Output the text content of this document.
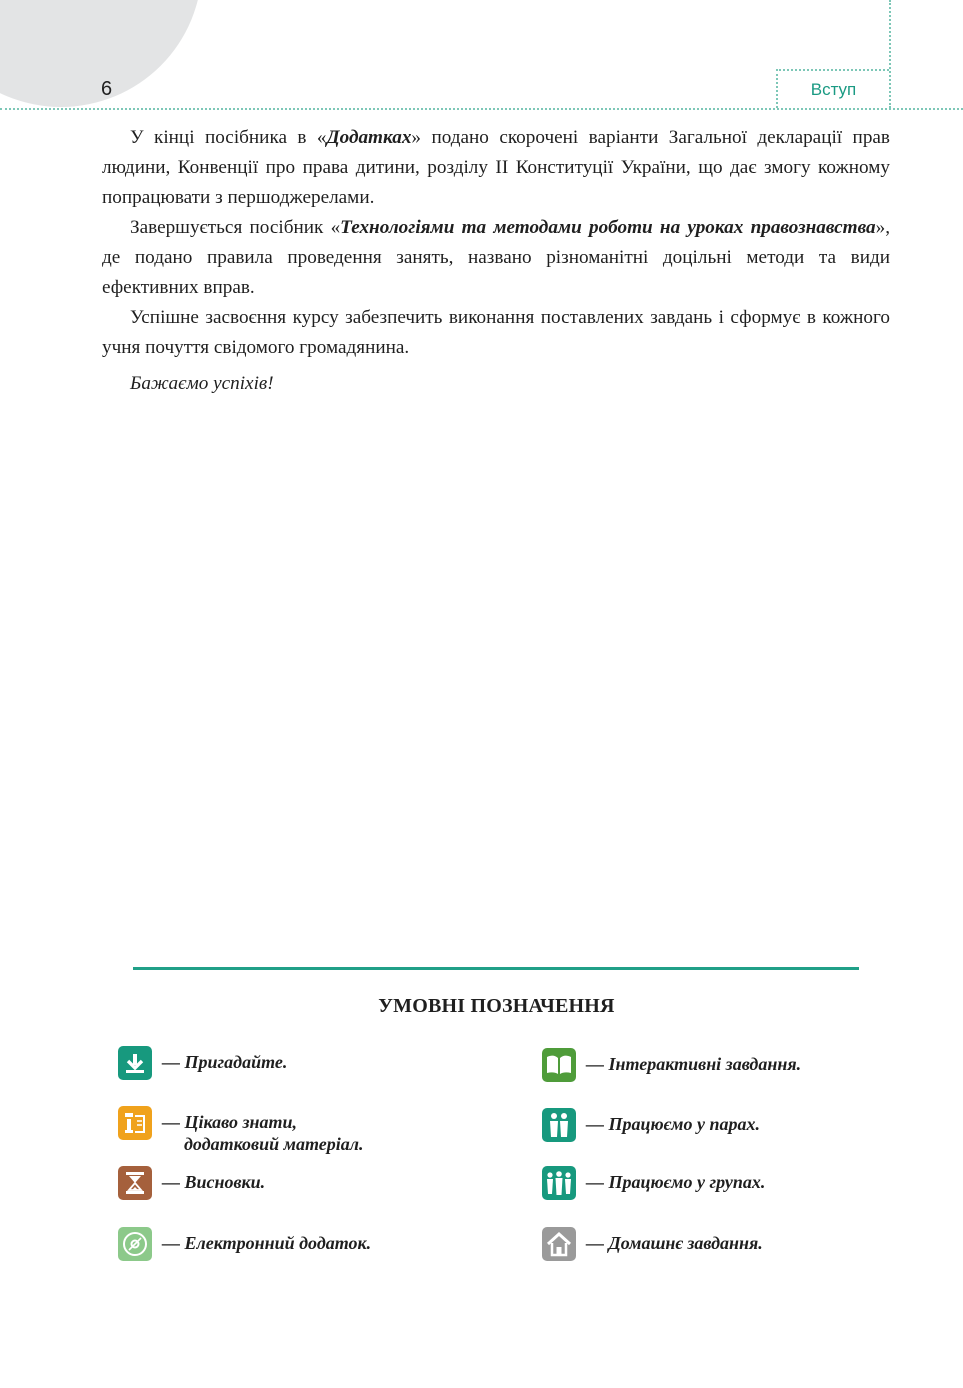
6	Вступ

У кінці посібника в «Додатках» подано скорочені варіанти Загальної декларації прав людини, Конвенції про права дитини, розділу ІІ Конституції України, що дає змогу кожному попрацювати з першоджерелами.

Завершується посібник «Технологіями та методами роботи на уроках правознавства», де подано правила проведення занять, названо різноманітні доцільні методи та види ефективних вправ.

Успішне засвоєння курсу забезпечить виконання поставлених завдань і сформує в кожного учня почуття свідомого громадянина.

Бажаємо успіхів!

УМОВНІ ПОЗНАЧЕННЯ
— Пригадайте.
— Цікаво знати,
додатковий матеріал.
— Висновки.
— Електронний додаток.
— Інтерактивні завдання.
— Працюємо у парах.
— Працюємо у групах.
— Домашнє завдання.
